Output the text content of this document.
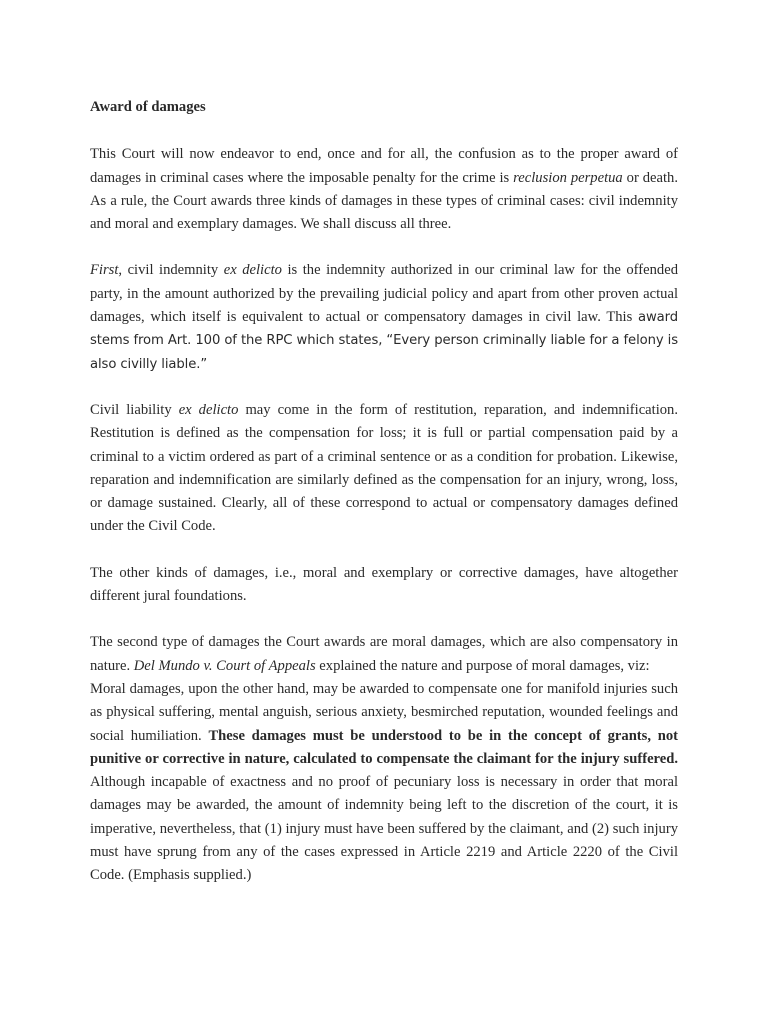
Award of damages

This Court will now endeavor to end, once and for all, the confusion as to the proper award of damages in criminal cases where the imposable penalty for the crime is reclusion perpetua or death. As a rule, the Court awards three kinds of damages in these types of criminal cases: civil indemnity and moral and exemplary damages. We shall discuss all three.

First, civil indemnity ex delicto is the indemnity authorized in our criminal law for the offended party, in the amount authorized by the prevailing judicial policy and apart from other proven actual damages, which itself is equivalent to actual or compensatory damages in civil law. This award stems from Art. 100 of the RPC which states, “Every person criminally liable for a felony is also civilly liable.”

Civil liability ex delicto may come in the form of restitution, reparation, and indemnification. Restitution is defined as the compensation for loss; it is full or partial compensation paid by a criminal to a victim ordered as part of a criminal sentence or as a condition for probation. Likewise, reparation and indemnification are similarly defined as the compensation for an injury, wrong, loss, or damage sustained. Clearly, all of these correspond to actual or compensatory damages defined under the Civil Code.

The other kinds of damages, i.e., moral and exemplary or corrective damages, have altogether different jural foundations.

The second type of damages the Court awards are moral damages, which are also compensatory in nature. Del Mundo v. Court of Appeals explained the nature and purpose of moral damages, viz:

Moral damages, upon the other hand, may be awarded to compensate one for manifold injuries such as physical suffering, mental anguish, serious anxiety, besmirched reputation, wounded feelings and social humiliation. These damages must be understood to be in the concept of grants, not punitive or corrective in nature, calculated to compensate the claimant for the injury suffered. Although incapable of exactness and no proof of pecuniary loss is necessary in order that moral damages may be awarded, the amount of indemnity being left to the discretion of the court, it is imperative, nevertheless, that (1) injury must have been suffered by the claimant, and (2) such injury must have sprung from any of the cases expressed in Article 2219 and Article 2220 of the Civil Code. (Emphasis supplied.)
